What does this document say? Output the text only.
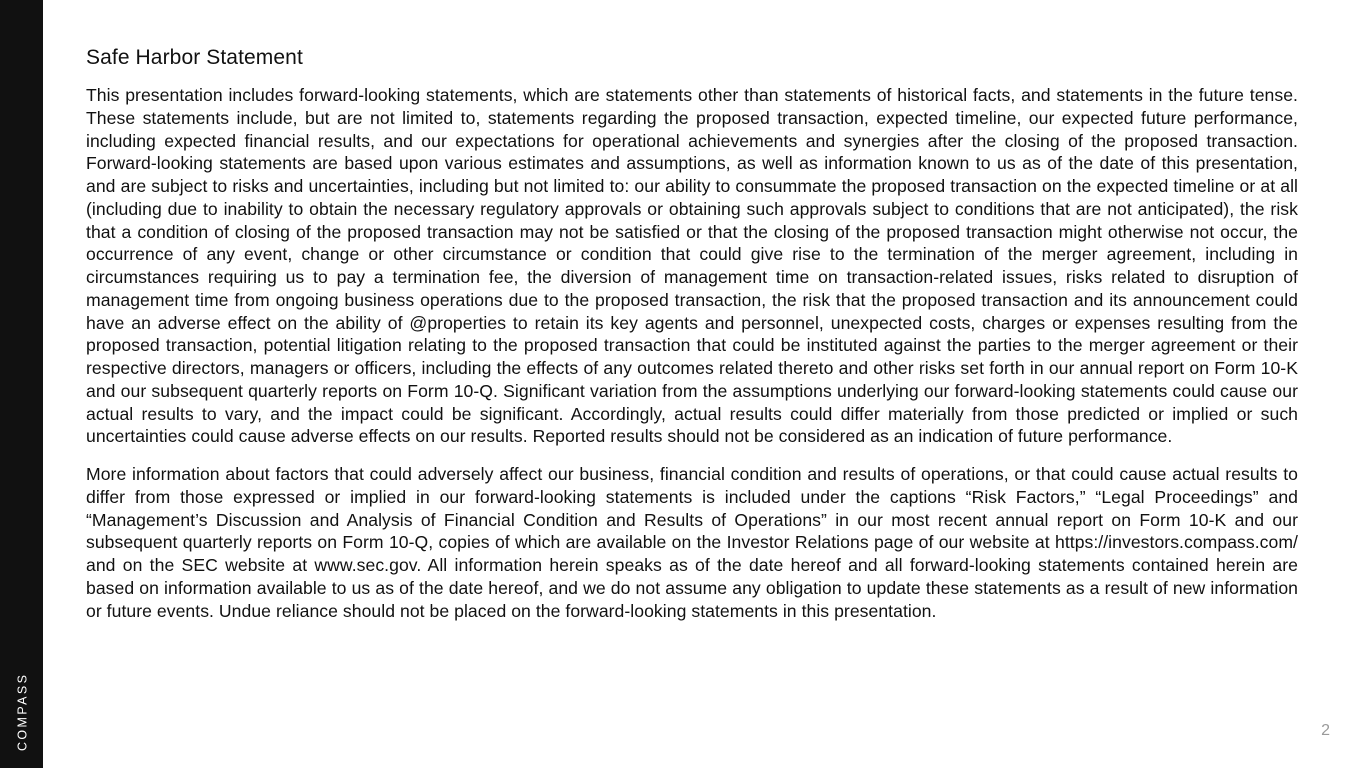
COMPASS
Safe Harbor Statement

This presentation includes forward-looking statements, which are statements other than statements of historical facts, and statements in the future tense. These statements include, but are not limited to, statements regarding the proposed transaction, expected timeline, our expected future performance, including expected financial results, and our expectations for operational achievements and synergies after the closing of the proposed transaction. Forward-looking statements are based upon various estimates and assumptions, as well as information known to us as of the date of this presentation, and are subject to risks and uncertainties, including but not limited to: our ability to consummate the proposed transaction on the expected timeline or at all (including due to inability to obtain the necessary regulatory approvals or obtaining such approvals subject to conditions that are not anticipated), the risk that a condition of closing of the proposed transaction may not be satisfied or that the closing of the proposed transaction might otherwise not occur, the occurrence of any event, change or other circumstance or condition that could give rise to the termination of the merger agreement, including in circumstances requiring us to pay a termination fee, the diversion of management time on transaction-related issues, risks related to disruption of management time from ongoing business operations due to the proposed transaction, the risk that the proposed transaction and its announcement could have an adverse effect on the ability of @properties to retain its key agents and personnel, unexpected costs, charges or expenses resulting from the proposed transaction, potential litigation relating to the proposed transaction that could be instituted against the parties to the merger agreement or their respective directors, managers or officers, including the effects of any outcomes related thereto and other risks set forth in our annual report on Form 10-K and our subsequent quarterly reports on Form 10-Q. Significant variation from the assumptions underlying our forward-looking statements could cause our actual results to vary, and the impact could be significant. Accordingly, actual results could differ materially from those predicted or implied or such uncertainties could cause adverse effects on our results. Reported results should not be considered as an indication of future performance.

More information about factors that could adversely affect our business, financial condition and results of operations, or that could cause actual results to differ from those expressed or implied in our forward-looking statements is included under the captions “Risk Factors,” “Legal Proceedings” and “Management’s Discussion and Analysis of Financial Condition and Results of Operations” in our most recent annual report on Form 10-K and our subsequent quarterly reports on Form 10-Q, copies of which are available on the Investor Relations page of our website at https://investors.compass.com/ and on the SEC website at www.sec.gov. All information herein speaks as of the date hereof and all forward-looking statements contained herein are based on information available to us as of the date hereof, and we do not assume any obligation to update these statements as a result of new information or future events. Undue reliance should not be placed on the forward-looking statements in this presentation.

2
